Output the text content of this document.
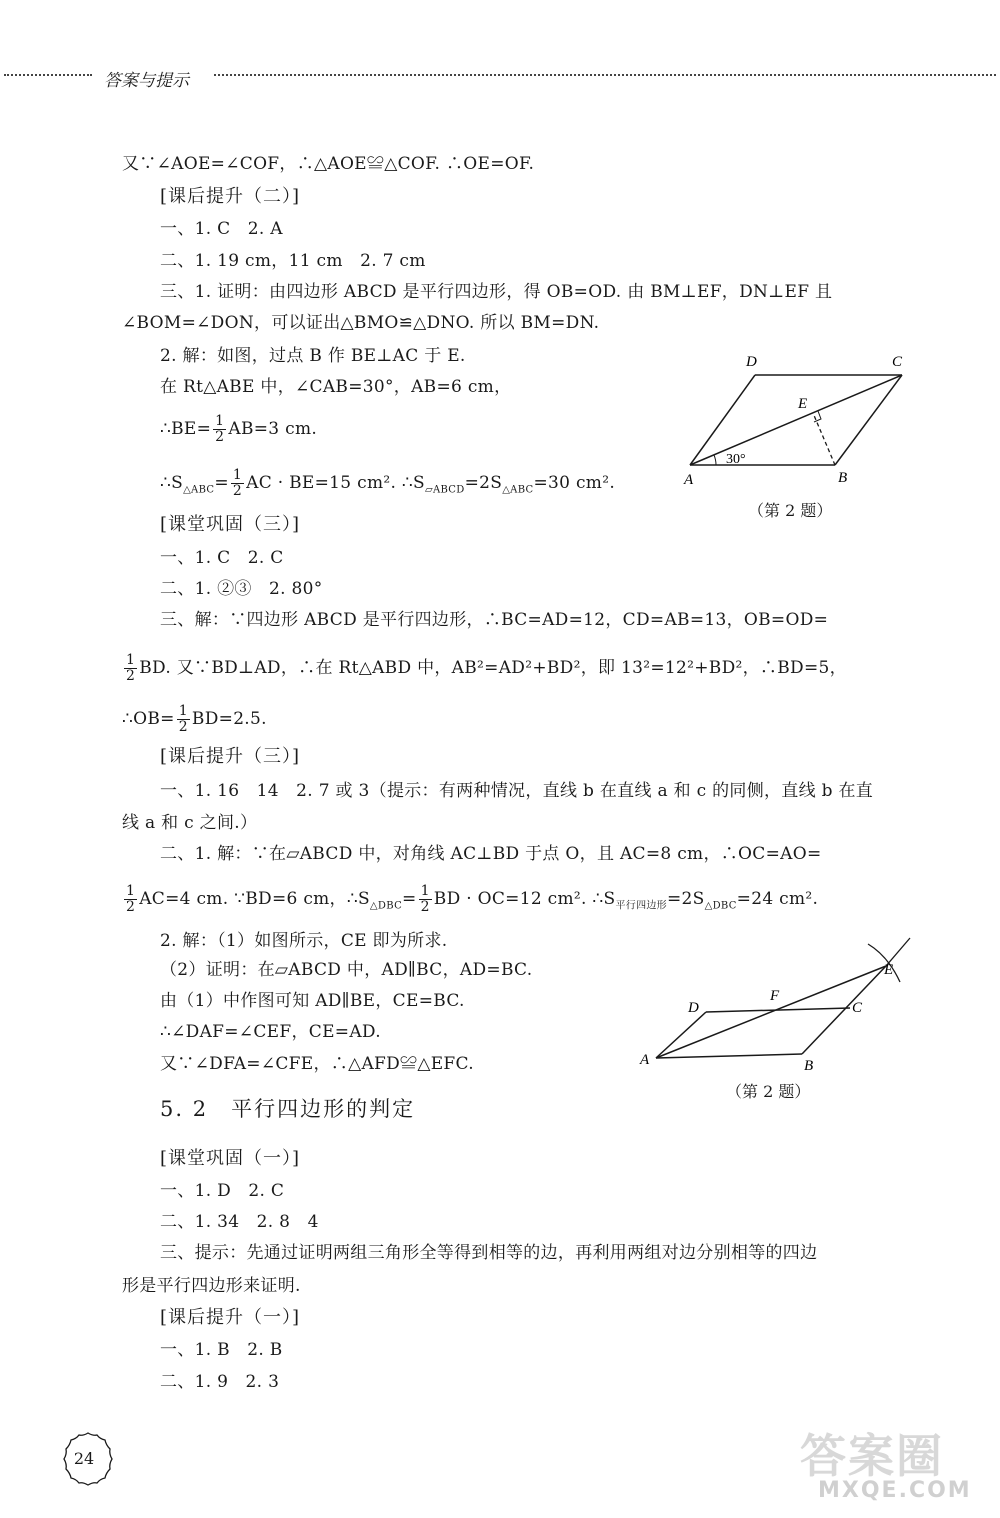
答案与提示
又∵∠AOE=∠COF，∴△AOE≌△COF. ∴OE=OF.
[课后提升（二）]
一、1. C　2. A
二、1. 19 cm，11 cm　2. 7 cm
三、1. 证明：由四边形 ABCD 是平行四边形，得 OB=OD. 由 BM⊥EF，DN⊥EF 且
∠BOM=∠DON，可以证出△BMO≌△DNO. 所以 BM=DN.
2. 解：如图，过点 B 作 BE⊥AC 于 E.
在 Rt△ABE 中，∠CAB=30°，AB=6 cm，
∴BE= $\frac{1}{2} AB=3$ cm.
$\therefore S_{\triangle ABC}= \frac{1}{2}$ AC · BE=15 cm². $\therefore S_{▱ABCD}=2S_{\triangle ABC}=30$ cm².
D	C
E
A	B
30°
（第 2 题）
[课堂巩固（三）]
一、1. C　2. C
二、1. ②③　2. 80°
三、解：∵四边形 ABCD 是平行四边形，∴BC=AD=12，CD=AB=13，OB=OD=
$\frac{1}{2}$ BD. 又∵BD⊥AD，∴在 Rt△ABD 中，AB²=AD²+BD²，即 13²=12²+BD²，∴BD=5，
∴OB= $\frac{1}{2} BD=2.5$.
[课后提升（三）]
一、1. 16　14　2. 7 或 3（提示：有两种情况，直线 b 在直线 a 和 c 的同侧，直线 b 在直
线 a 和 c 之间.）
二、1. 解：∵在▱ABCD 中，对角线 AC⊥BD 于点 O，且 AC=8 cm，∴OC=AO=
$\frac{1}{2} AC=4$ cm. ∵BD=6 cm，$\therefore S_{\triangle DBC}= \frac{1}{2}$ BD · OC=12 cm². $\therefore S_{平行四边形}=2S_{\triangle DBC}=24$ cm².
2. 解：（1）如图所示，CE 即为所求.
（2）证明：在▱ABCD 中，AD∥BC，AD=BC.
由（1）中作图可知 AD∥BE，CE=BC.
∴∠DAF=∠CEF，CE=AD.
又∵∠DFA=∠CFE，∴△AFD≌△EFC.
D
F
C
E
A	B
（第 2 题）
5. 2　平行四边形的判定
[课堂巩固（一）]
一、1. D　2. C
二、1. 34　2. 8　4
三、提示：先通过证明两组三角形全等得到相等的边，再利用两组对边分别相等的四边
形是平行四边形来证明.
[课后提升（一）]
一、1. B　2. B
二、1. 9　2. 3
24	答案圈
MXQE.COM
